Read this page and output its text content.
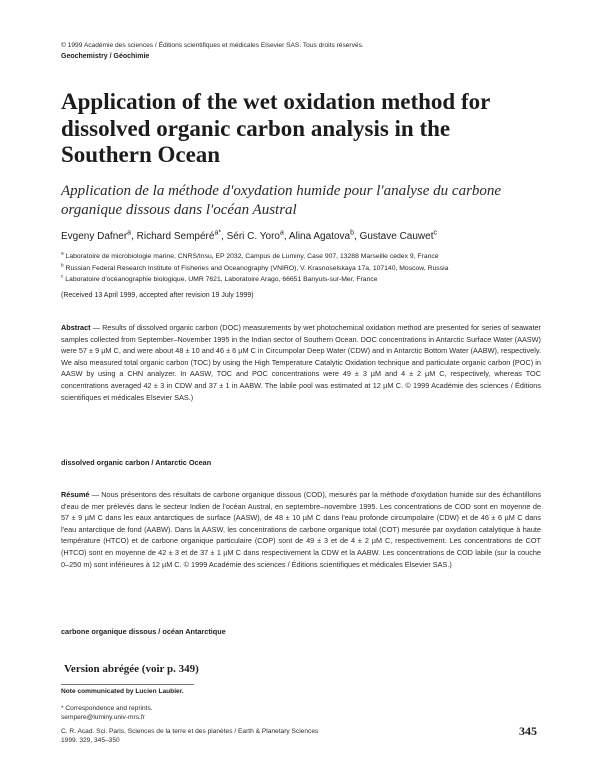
© 1999 Académie des sciences / Éditions scientifiques et médicales Elsevier SAS. Tous droits réservés.
Geochemistry / Géochimie
Application of the wet oxidation method for dissolved organic carbon analysis in the Southern Ocean
Application de la méthode d'oxydation humide pour l'analyse du carbone organique dissous dans l'océan Austral
Evgeny Dafner$^a$, Richard Sempéré$^{a*}$, Séri C. Yoro$^a$, Alina Agatova$^b$, Gustave Cauwet$^c$
$^a$ Laboratoire de microbiologie marine, CNRS/Insu, EP 2032, Campus de Luminy, Case 907, 13288 Marseille cedex 9, France
$^b$ Russian Federal Research Institute of Fisheries and Oceanography (VNIRO), V. Krasnoselskaya 17a, 107140, Moscow, Russia
$^c$ Laboratoire d'océanographie biologique, UMR 7621, Laboratoire Arago, 66651 Banyuls-sur-Mer, France
(Received 13 April 1999, accepted after revision 19 July 1999)
Abstract — Results of dissolved organic carbon (DOC) measurements by wet photochemical oxidation method are presented for series of seawater samples collected from September–November 1995 in the Indian sector of Southern Ocean. DOC concentrations in Antarctic Surface Water (AASW) were 57 ± 9 µM C, and were about 48 ± 10 and 46 ± 6 µM C in Circumpolar Deep Water (CDW) and in Antarctic Bottom Water (AABW), respectively. We also measured total organic carbon (TOC) by using the High Temperature Catalytic Oxidation technique and particulate organic carbon (POC) in AASW by using a CHN analyzer. In AASW, TOC and POC concentrations were 49 ± 3 µM and 4 ± 2 µM C, respectively, whereas TOC concentrations averaged 42 ± 3 in CDW and 37 ± 1 in AABW. The labile pool was estimated at 12 µM C. © 1999 Académie des sciences / Éditions scientifiques et médicales Elsevier SAS.)
dissolved organic carbon / Antarctic Ocean
Résumé — Nous présentons des résultats de carbone organique dissous (COD), mesurés par la méthode d'oxydation humide sur des échantillons d'eau de mer prélevés dans le secteur Indien de l'océan Austral, en septembre–novembre 1995. Les concentrations de COD sont en moyenne de 57 ± 9 µM C dans les eaux antarctiques de surface (AASW), de 48 ± 10 µM C dans l'eau profonde circumpolaire (CDW) et de 46 ± 6 µM C dans l'eau antarctique de fond (AABW). Dans la AASW, les concentrations de carbone organique total (COT) mesurée par oxydation catalytique à haute température (HTCO) et de carbone organique particulaire (COP) sont de 49 ± 3 et de 4 ± 2 µM C, respectivement. Les concentrations de COT (HTCO) sont en moyenne de 42 ± 3 et de 37 ± 1 µM C dans respectivement la CDW et la AABW. Les concentrations de COD labile (sur la couche 0–250 m) sont inférieures à 12 µM C. © 1999 Académie des sciences / Éditions scientifiques et médicales Elsevier SAS.)
carbone organique dissous / océan Antarctique
Version abrégée (voir p. 349)
Note communicated by Lucien Laubier.
* Correspondence and reprints.
sempere@luminy.univ-mrs.fr
C. R. Acad. Sci. Paris, Sciences de la terre et des planètes / Earth & Planetary Sciences
1999. 329, 345–350
345
